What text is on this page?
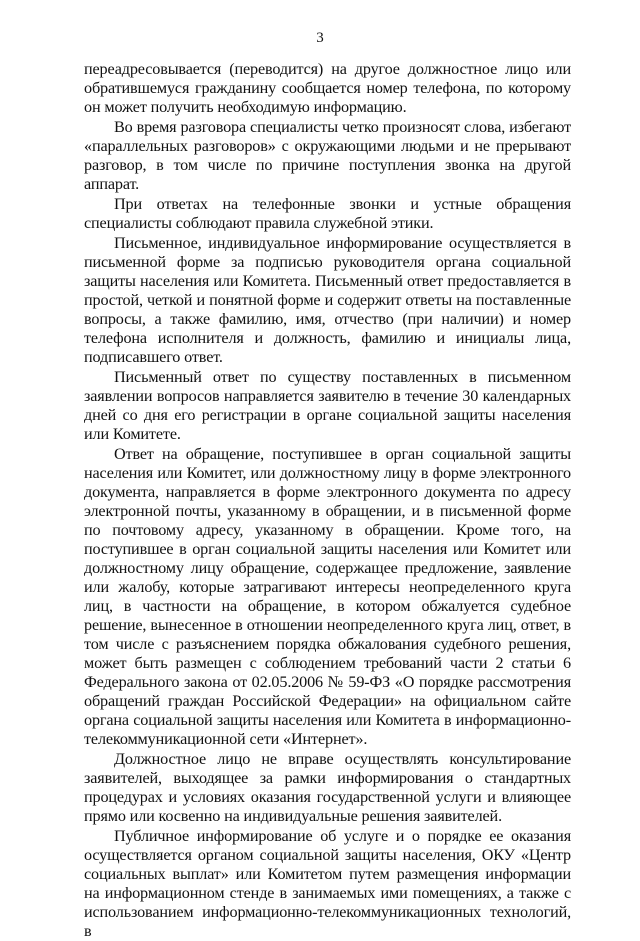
3

переадресовывается (переводится) на другое должностное лицо или обратившемуся гражданину сообщается номер телефона, по которому он может получить необходимую информацию.

Во время разговора специалисты четко произносят слова, избегают «параллельных разговоров» с окружающими людьми и не прерывают разговор, в том числе по причине поступления звонка на другой аппарат.

При ответах на телефонные звонки и устные обращения специалисты соблюдают правила служебной этики.

Письменное, индивидуальное информирование осуществляется в письменной форме за подписью руководителя органа социальной защиты населения или Комитета. Письменный ответ предоставляется в простой, четкой и понятной форме и содержит ответы на поставленные вопросы, а также фамилию, имя, отчество (при наличии) и номер телефона исполнителя и должность, фамилию и инициалы лица, подписавшего ответ.

Письменный ответ по существу поставленных в письменном заявлении вопросов направляется заявителю в течение 30 календарных дней со дня его регистрации в органе социальной защиты населения или Комитете.

Ответ на обращение, поступившее в орган социальной защиты населения или Комитет, или должностному лицу в форме электронного документа, направляется в форме электронного документа по адресу электронной почты, указанному в обращении, и в письменной форме по почтовому адресу, указанному в обращении. Кроме того, на поступившее в орган социальной защиты населения или Комитет или должностному лицу обращение, содержащее предложение, заявление или жалобу, которые затрагивают интересы неопределенного круга лиц, в частности на обращение, в котором обжалуется судебное решение, вынесенное в отношении неопределенного круга лиц, ответ, в том числе с разъяснением порядка обжалования судебного решения, может быть размещен с соблюдением требований части 2 статьи 6 Федерального закона от 02.05.2006 № 59-ФЗ «О порядке рассмотрения обращений граждан Российской Федерации» на официальном сайте органа социальной защиты населения или Комитета в информационно-телекоммуникационной сети «Интернет».

Должностное лицо не вправе осуществлять консультирование заявителей, выходящее за рамки информирования о стандартных процедурах и условиях оказания государственной услуги и влияющее прямо или косвенно на индивидуальные решения заявителей.

Публичное информирование об услуге и о порядке ее оказания осуществляется органом социальной защиты населения, ОКУ «Центр социальных выплат» или Комитетом путем размещения информации на информационном стенде в занимаемых ими помещениях, а также с использованием информационно-телекоммуникационных технологий, в
